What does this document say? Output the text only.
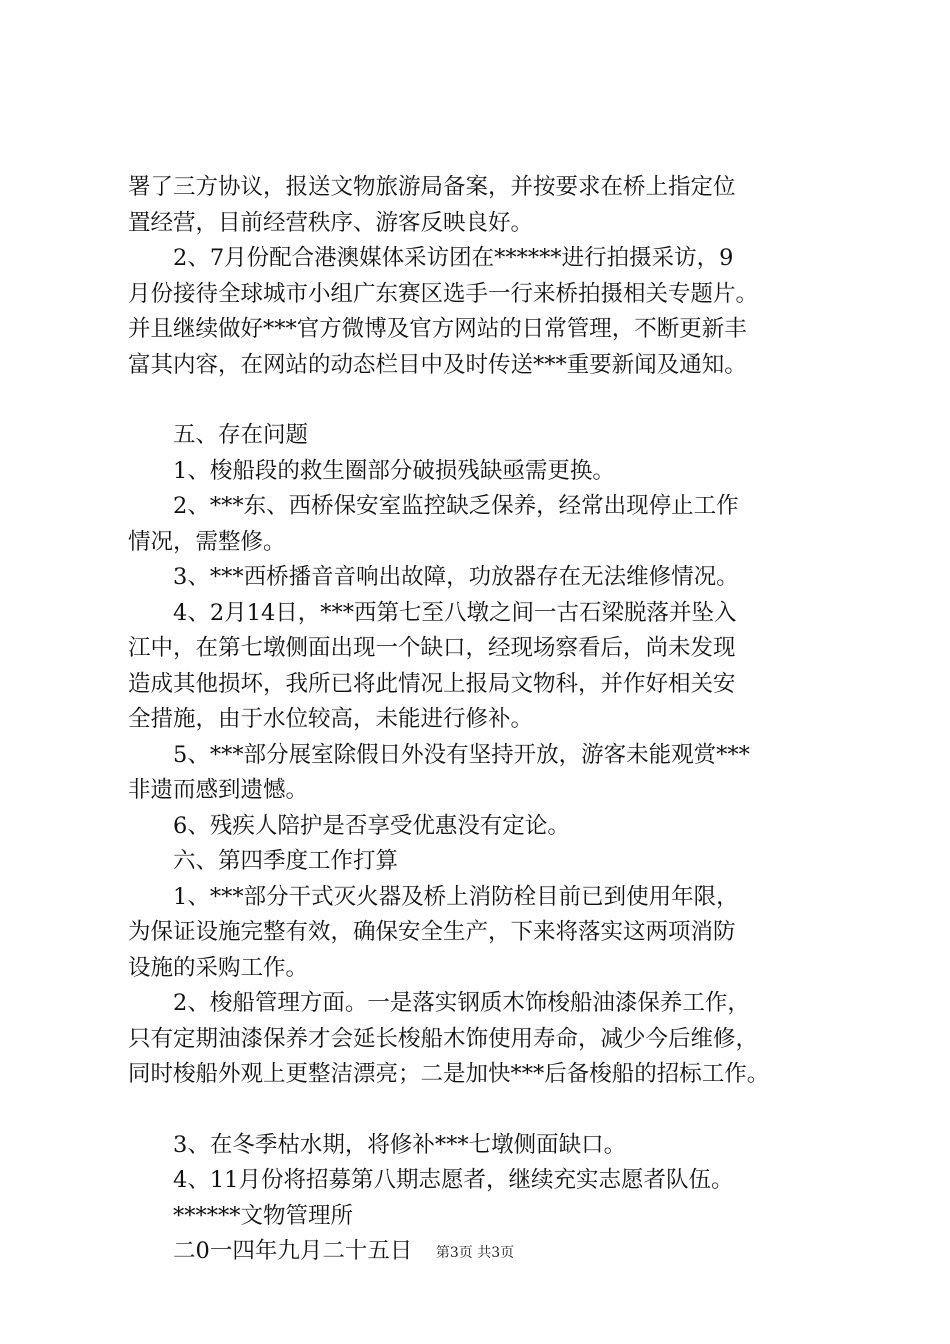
署了三方协议，报送文物旅游局备案，并按要求在桥上指定位

置经营，目前经营秩序、游客反映良好。

　　2、7月份配合港澳媒体采访团在******进行拍摄采访，9

月份接待全球城市小组广东赛区选手一行来桥拍摄相关专题片。

并且继续做好***官方微博及官方网站的日常管理，不断更新丰

富其内容，在网站的动态栏目中及时传送***重要新闻及通知。

　　五、存在问题

　　1、梭船段的救生圈部分破损残缺亟需更换。

　　2、***东、西桥保安室监控缺乏保养，经常出现停止工作

情况，需整修。

　　3、***西桥播音音响出故障，功放器存在无法维修情况。

　　4、2月14日，***西第七至八墩之间一古石梁脱落并坠入

江中，在第七墩侧面出现一个缺口，经现场察看后，尚未发现

造成其他损坏，我所已将此情况上报局文物科，并作好相关安

全措施，由于水位较高，未能进行修补。

　　5、***部分展室除假日外没有坚持开放，游客未能观赏***

非遗而感到遗憾。

　　6、残疾人陪护是否享受优惠没有定论。

　　六、第四季度工作打算

　　1、***部分干式灭火器及桥上消防栓目前已到使用年限，

为保证设施完整有效，确保安全生产，下来将落实这两项消防

设施的采购工作。

　　2、梭船管理方面。一是落实钢质木饰梭船油漆保养工作，

只有定期油漆保养才会延长梭船木饰使用寿命，减少今后维修，

同时梭船外观上更整洁漂亮；二是加快***后备梭船的招标工作。

　　3、在冬季枯水期，将修补***七墩侧面缺口。

　　4、11月份将招募第八期志愿者，继续充实志愿者队伍。

　　******文物管理所

　　二0一四年九月二十五日	第3页 共3页
